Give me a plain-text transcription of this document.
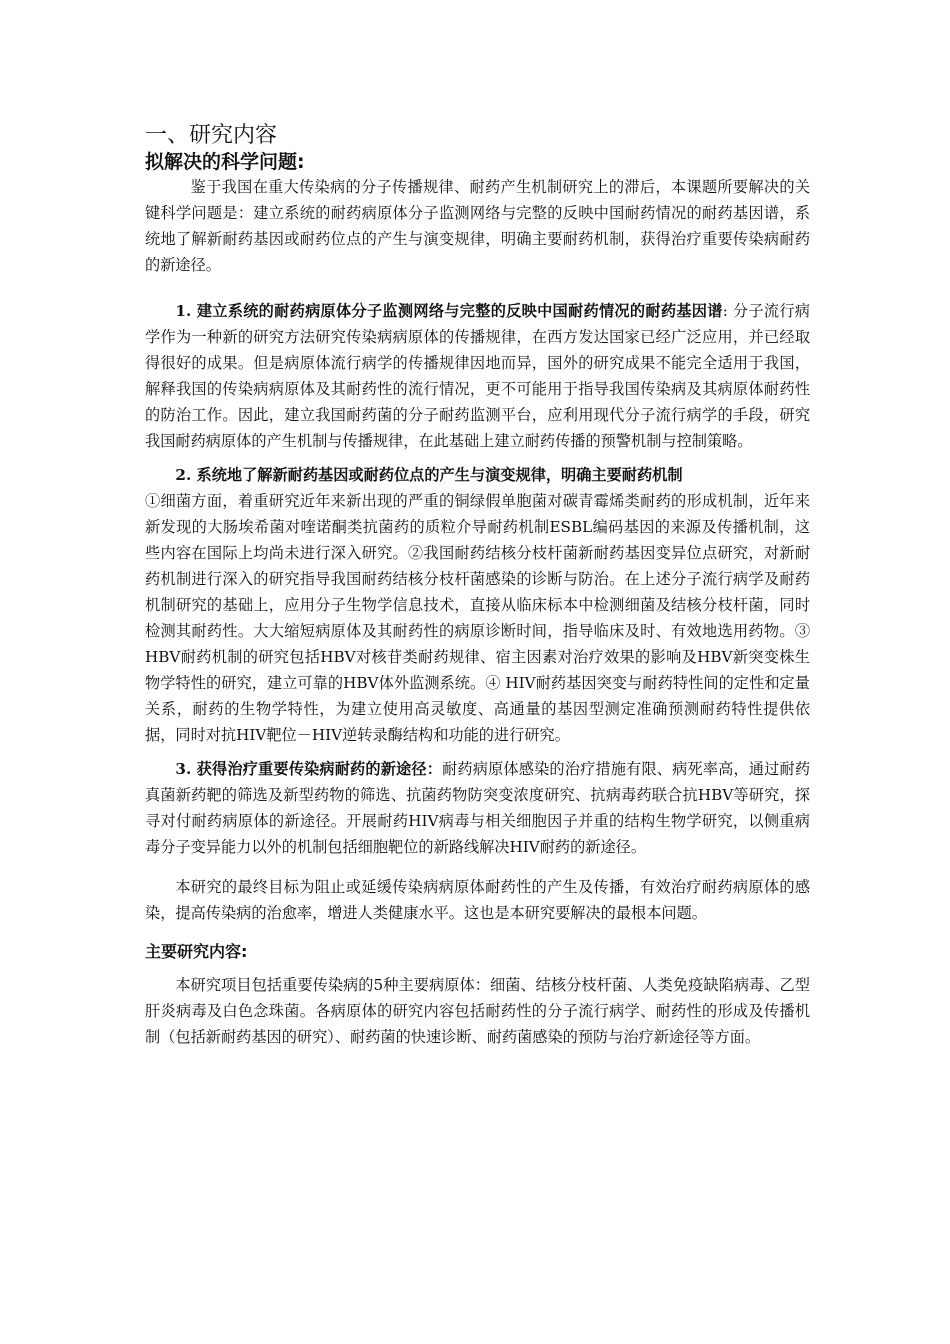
一、研究内容
拟解决的科学问题:

鉴于我国在重大传染病的分子传播规律、耐药产生机制研究上的滞后，本课题所要解决的关键科学问题是：建立系统的耐药病原体分子监测网络与完整的反映中国耐药情况的耐药基因谱，系统地了解新耐药基因或耐药位点的产生与演变规律，明确主要耐药机制，获得治疗重要传染病耐药的新途径。

1. 建立系统的耐药病原体分子监测网络与完整的反映中国耐药情况的耐药基因谱: 分子流行病学作为一种新的研究方法研究传染病病原体的传播规律，在西方发达国家已经广泛应用，并已经取得很好的成果。但是病原体流行病学的传播规律因地而异，国外的研究成果不能完全适用于我国，解释我国的传染病病原体及其耐药性的流行情况，更不可能用于指导我国传染病及其病原体耐药性的防治工作。因此，建立我国耐药菌的分子耐药监测平台，应利用现代分子流行病学的手段，研究我国耐药病原体的产生机制与传播规律，在此基础上建立耐药传播的预警机制与控制策略。

2. 系统地了解新耐药基因或耐药位点的产生与演变规律，明确主要耐药机制

①细菌方面，着重研究近年来新出现的严重的铜绿假单胞菌对碳青霉烯类耐药的形成机制，近年来新发现的大肠埃希菌对喹诺酮类抗菌药的质粒介导耐药机制ESBL编码基因的来源及传播机制，这些内容在国际上均尚未进行深入研究。②我国耐药结核分枝杆菌新耐药基因变异位点研究，对新耐药机制进行深入的研究指导我国耐药结核分枝杆菌感染的诊断与防治。在上述分子流行病学及耐药机制研究的基础上，应用分子生物学信息技术，直接从临床标本中检测细菌及结核分枝杆菌，同时检测其耐药性。大大缩短病原体及其耐药性的病原诊断时间，指导临床及时、有效地选用药物。③ HBV耐药机制的研究包括HBV对核苷类耐药规律、宿主因素对治疗效果的影响及HBV新突变株生物学特性的研究，建立可靠的HBV体外监测系统。④ HIV耐药基因突变与耐药特性间的定性和定量关系，耐药的生物学特性，为建立使用高灵敏度、高通量的基因型测定准确预测耐药特性提供依据，同时对抗HIV靶位－HIV逆转录酶结构和功能的进行研究。

3. 获得治疗重要传染病耐药的新途径：耐药病原体感染的治疗措施有限、病死率高，通过耐药真菌新药靶的筛选及新型药物的筛选、抗菌药物防突变浓度研究、抗病毒药联合抗HBV等研究，探寻对付耐药病原体的新途径。开展耐药HIV病毒与相关细胞因子并重的结构生物学研究，以侧重病毒分子变异能力以外的机制包括细胞靶位的新路线解决HIV耐药的新途径。

本研究的最终目标为阻止或延缓传染病病原体耐药性的产生及传播，有效治疗耐药病原体的感染，提高传染病的治愈率，增进人类健康水平。这也是本研究要解决的最根本问题。

主要研究内容:

本研究项目包括重要传染病的5种主要病原体：细菌、结核分枝杆菌、人类免疫缺陷病毒、乙型肝炎病毒及白色念珠菌。各病原体的研究内容包括耐药性的分子流行病学、耐药性的形成及传播机制（包括新耐药基因的研究）、耐药菌的快速诊断、耐药菌感染的预防与治疗新途径等方面。
